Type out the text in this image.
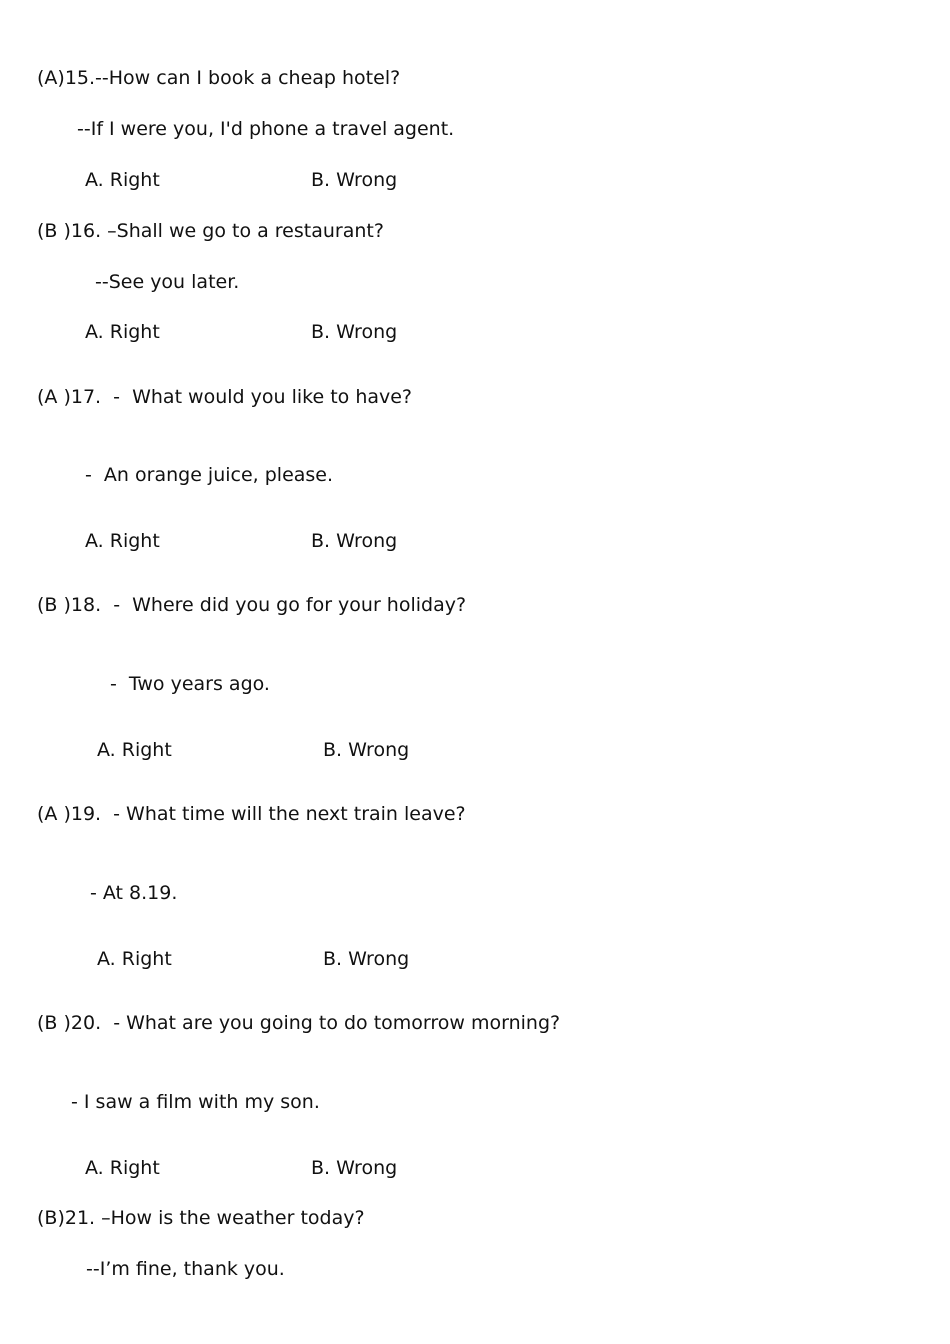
(A)15.--How can I book a cheap hotel?
--If I were you, I'd phone a travel agent.
A. Right	B. Wrong
(B )16. –Shall we go to a restaurant?
--See you later.
A. Right	B. Wrong
(A )17.  -  What would you like to have?
-  An orange juice, please.
A. Right	B. Wrong
(B )18.  -  Where did you go for your holiday?
-  Two years ago.
A. Right	B. Wrong
(A )19.  - What time will the next train leave?
- At 8.19.
A. Right	B. Wrong
(B )20.  - What are you going to do tomorrow morning?
- I saw a film with my son.
A. Right	B. Wrong
(B)21. –How is the weather today?
--I’m fine, thank you.
